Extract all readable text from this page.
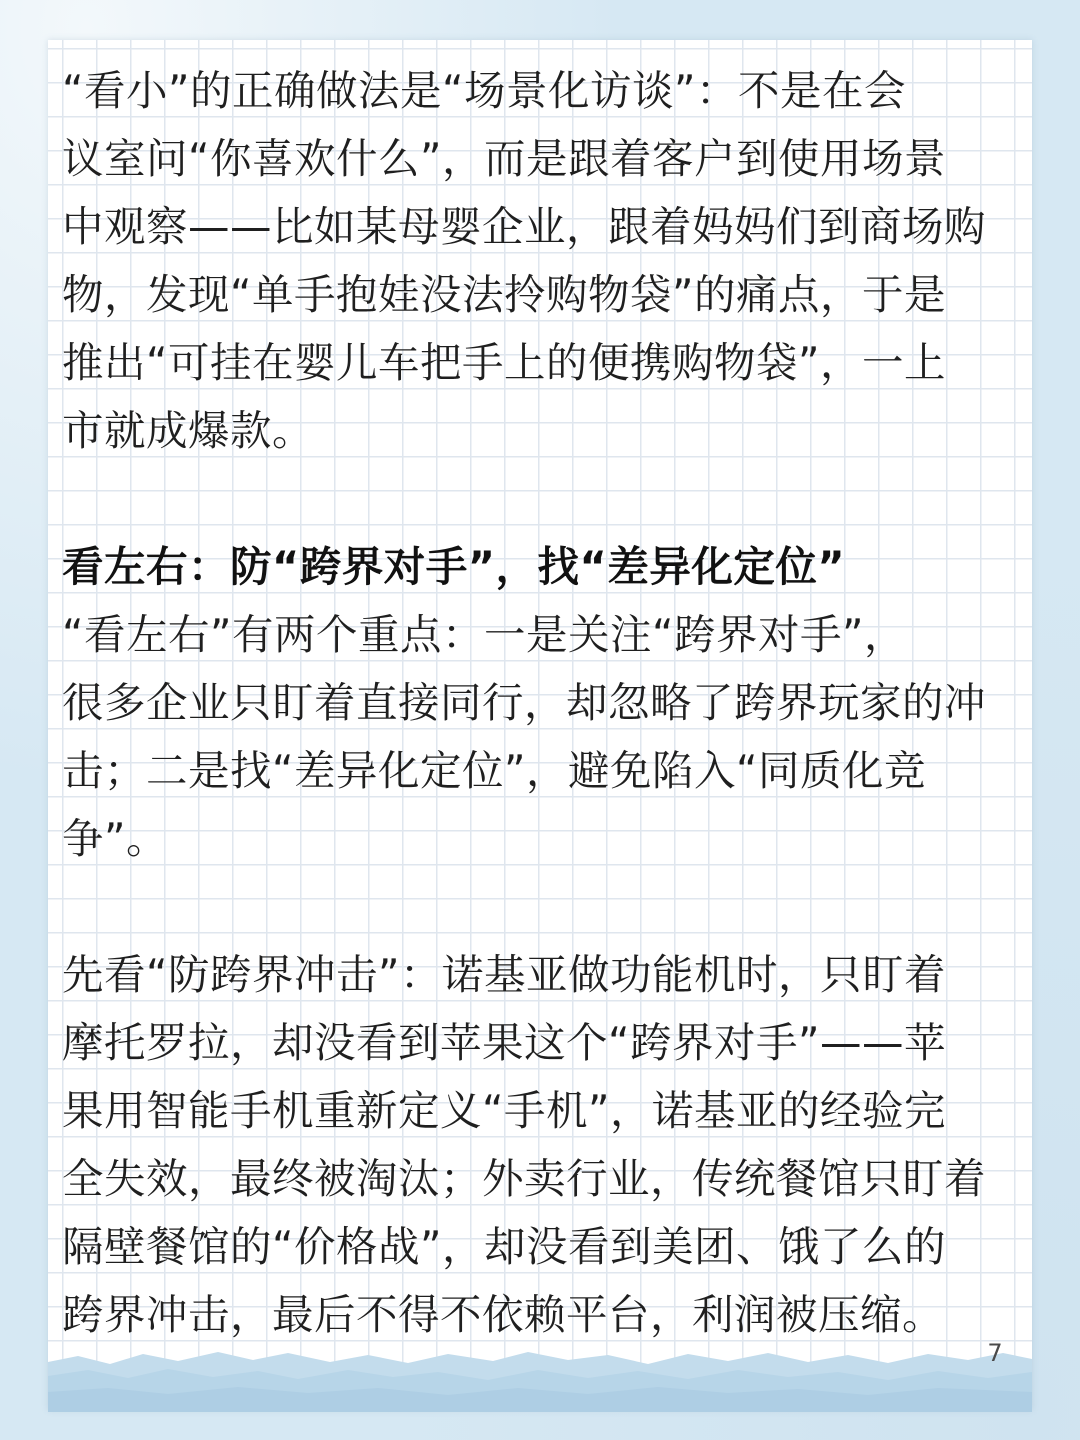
“看小”的正确做法是“场景化访谈”：不是在会
议室问“你喜欢什么”，而是跟着客户到使用场景
中观察——比如某母婴企业，跟着妈妈们到商场购
物，发现“单手抱娃没法拎购物袋”的痛点，于是
推出“可挂在婴儿车把手上的便携购物袋”，一上
市就成爆款。
看左右：防“跨界对手”，找“差异化定位”
“看左右”有两个重点：一是关注“跨界对手”，
很多企业只盯着直接同行，却忽略了跨界玩家的冲
击；二是找“差异化定位”，避免陷入“同质化竞
争”。
先看“防跨界冲击”：诺基亚做功能机时，只盯着
摩托罗拉，却没看到苹果这个“跨界对手”——苹
果用智能手机重新定义“手机”，诺基亚的经验完
全失效，最终被淘汰；外卖行业，传统餐馆只盯着
隔壁餐馆的“价格战”，却没看到美团、饿了么的
跨界冲击，最后不得不依赖平台，利润被压缩。
7
